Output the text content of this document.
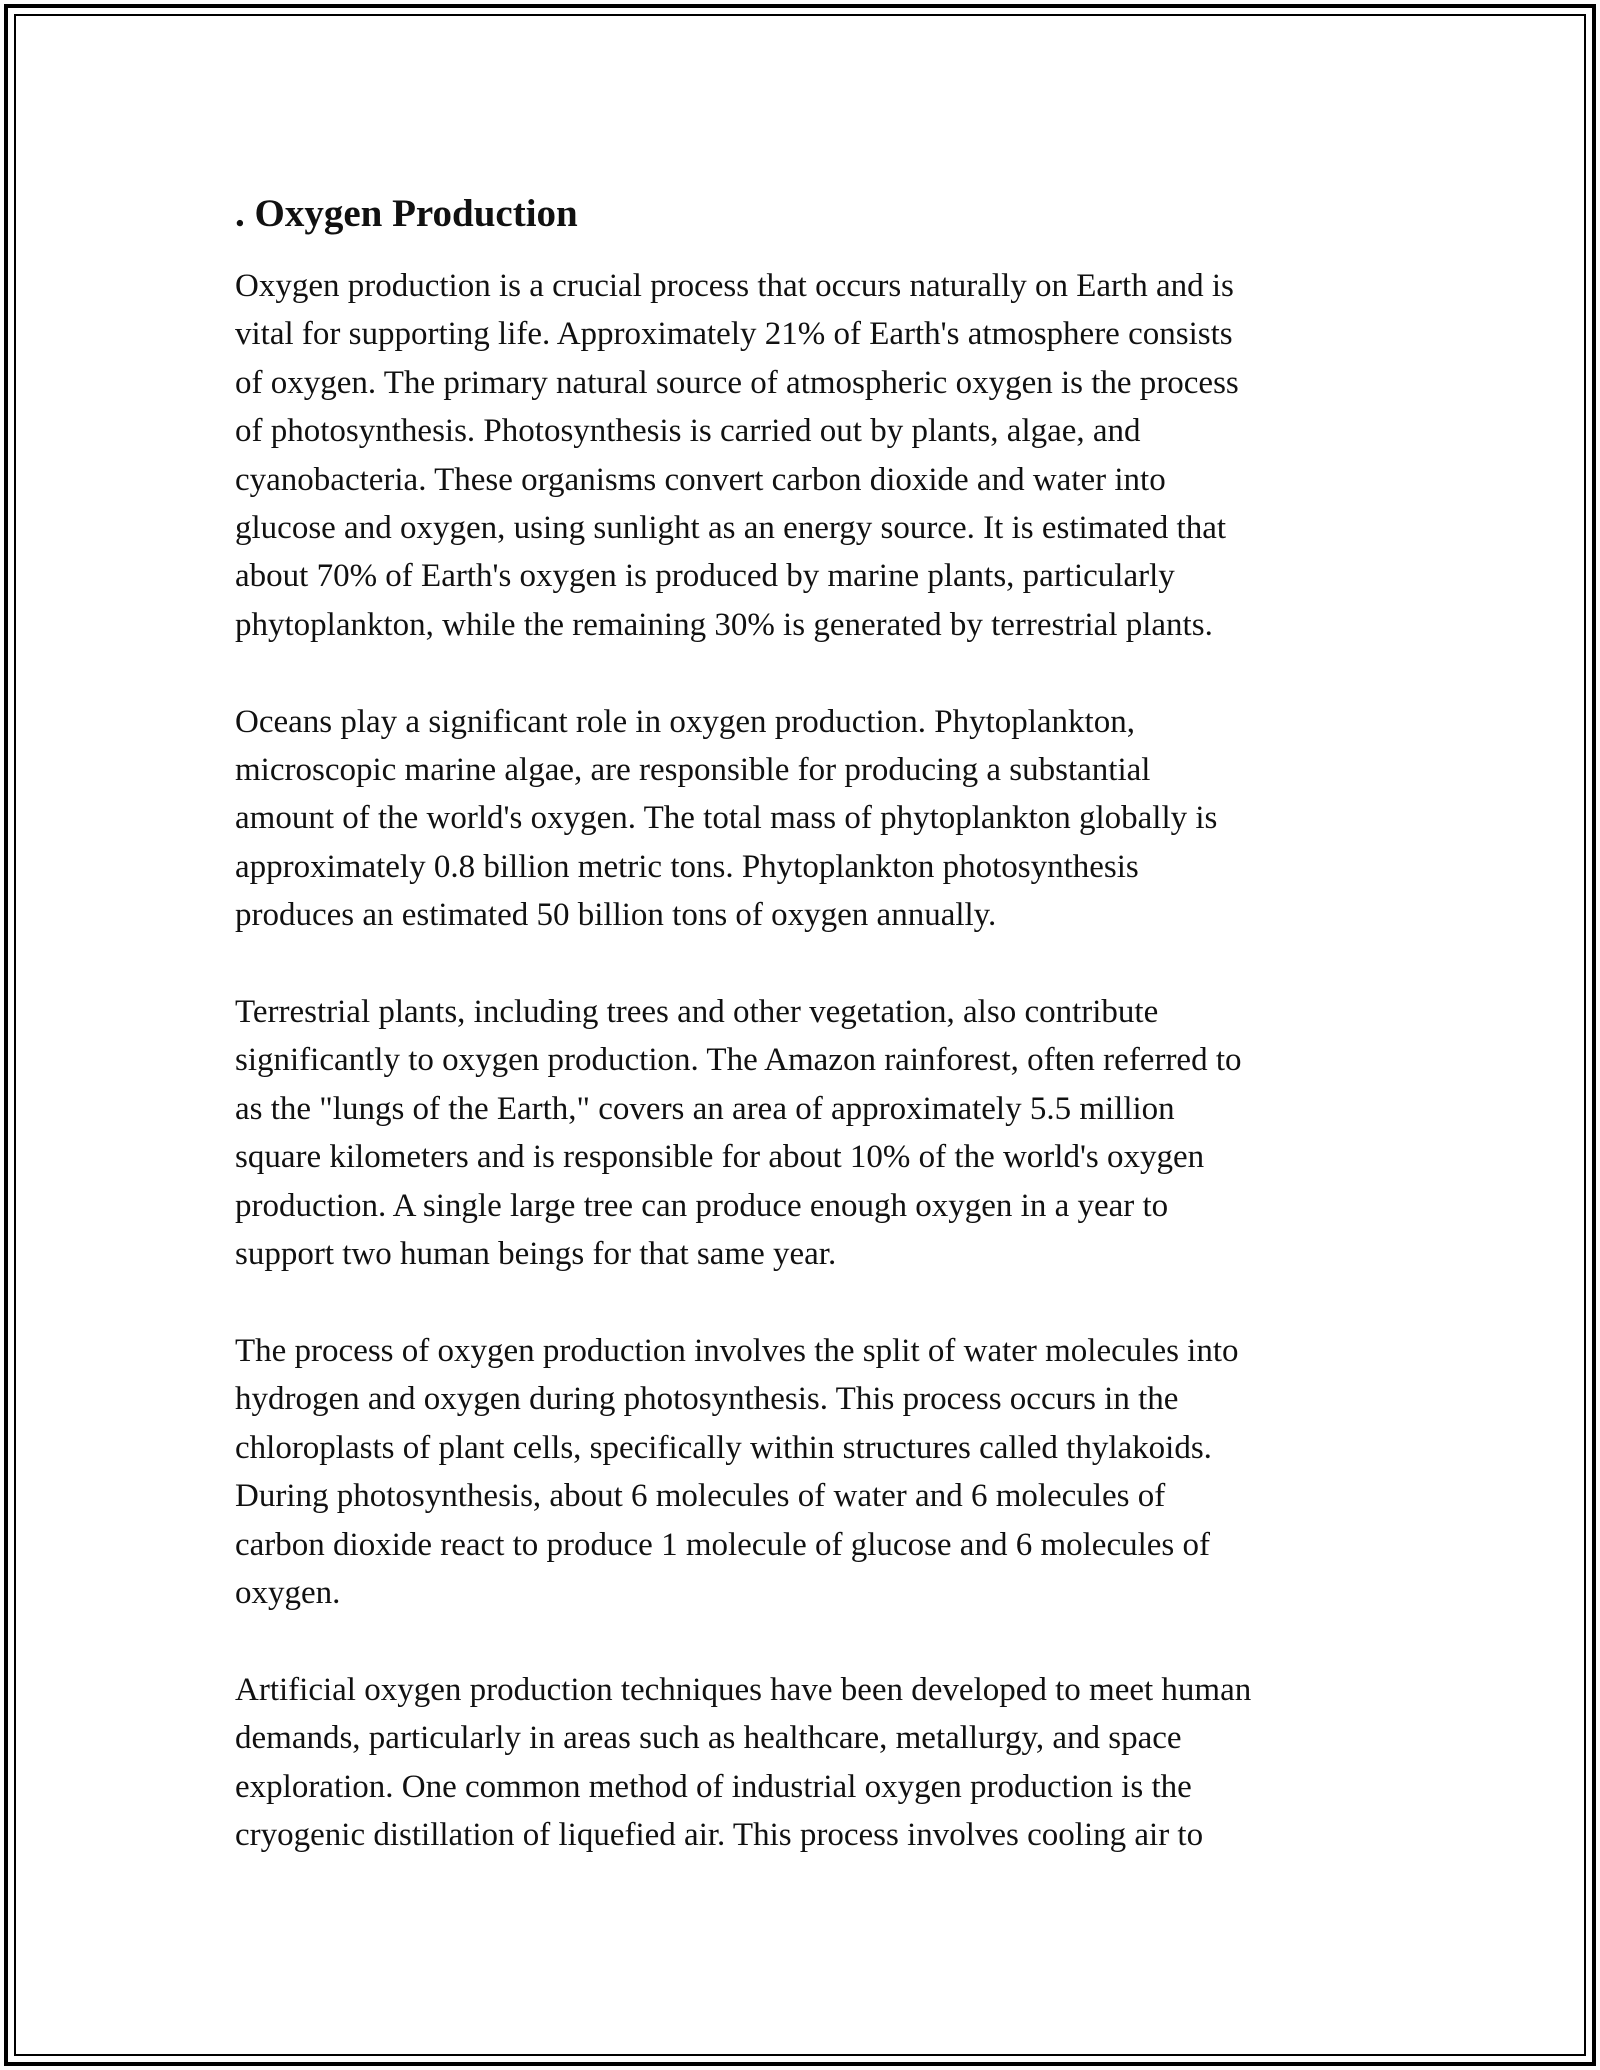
. Oxygen Production
Oxygen production is a crucial process that occurs naturally on Earth and is
vital for supporting life. Approximately 21% of Earth's atmosphere consists
of oxygen. The primary natural source of atmospheric oxygen is the process
of photosynthesis. Photosynthesis is carried out by plants, algae, and
cyanobacteria. These organisms convert carbon dioxide and water into
glucose and oxygen, using sunlight as an energy source. It is estimated that
about 70% of Earth's oxygen is produced by marine plants, particularly
phytoplankton, while the remaining 30% is generated by terrestrial plants.
Oceans play a significant role in oxygen production. Phytoplankton,
microscopic marine algae, are responsible for producing a substantial
amount of the world's oxygen. The total mass of phytoplankton globally is
approximately 0.8 billion metric tons. Phytoplankton photosynthesis
produces an estimated 50 billion tons of oxygen annually.
Terrestrial plants, including trees and other vegetation, also contribute
significantly to oxygen production. The Amazon rainforest, often referred to
as the "lungs of the Earth," covers an area of approximately 5.5 million
square kilometers and is responsible for about 10% of the world's oxygen
production. A single large tree can produce enough oxygen in a year to
support two human beings for that same year.
The process of oxygen production involves the split of water molecules into
hydrogen and oxygen during photosynthesis. This process occurs in the
chloroplasts of plant cells, specifically within structures called thylakoids.
During photosynthesis, about 6 molecules of water and 6 molecules of
carbon dioxide react to produce 1 molecule of glucose and 6 molecules of
oxygen.
Artificial oxygen production techniques have been developed to meet human
demands, particularly in areas such as healthcare, metallurgy, and space
exploration. One common method of industrial oxygen production is the
cryogenic distillation of liquefied air. This process involves cooling air to
